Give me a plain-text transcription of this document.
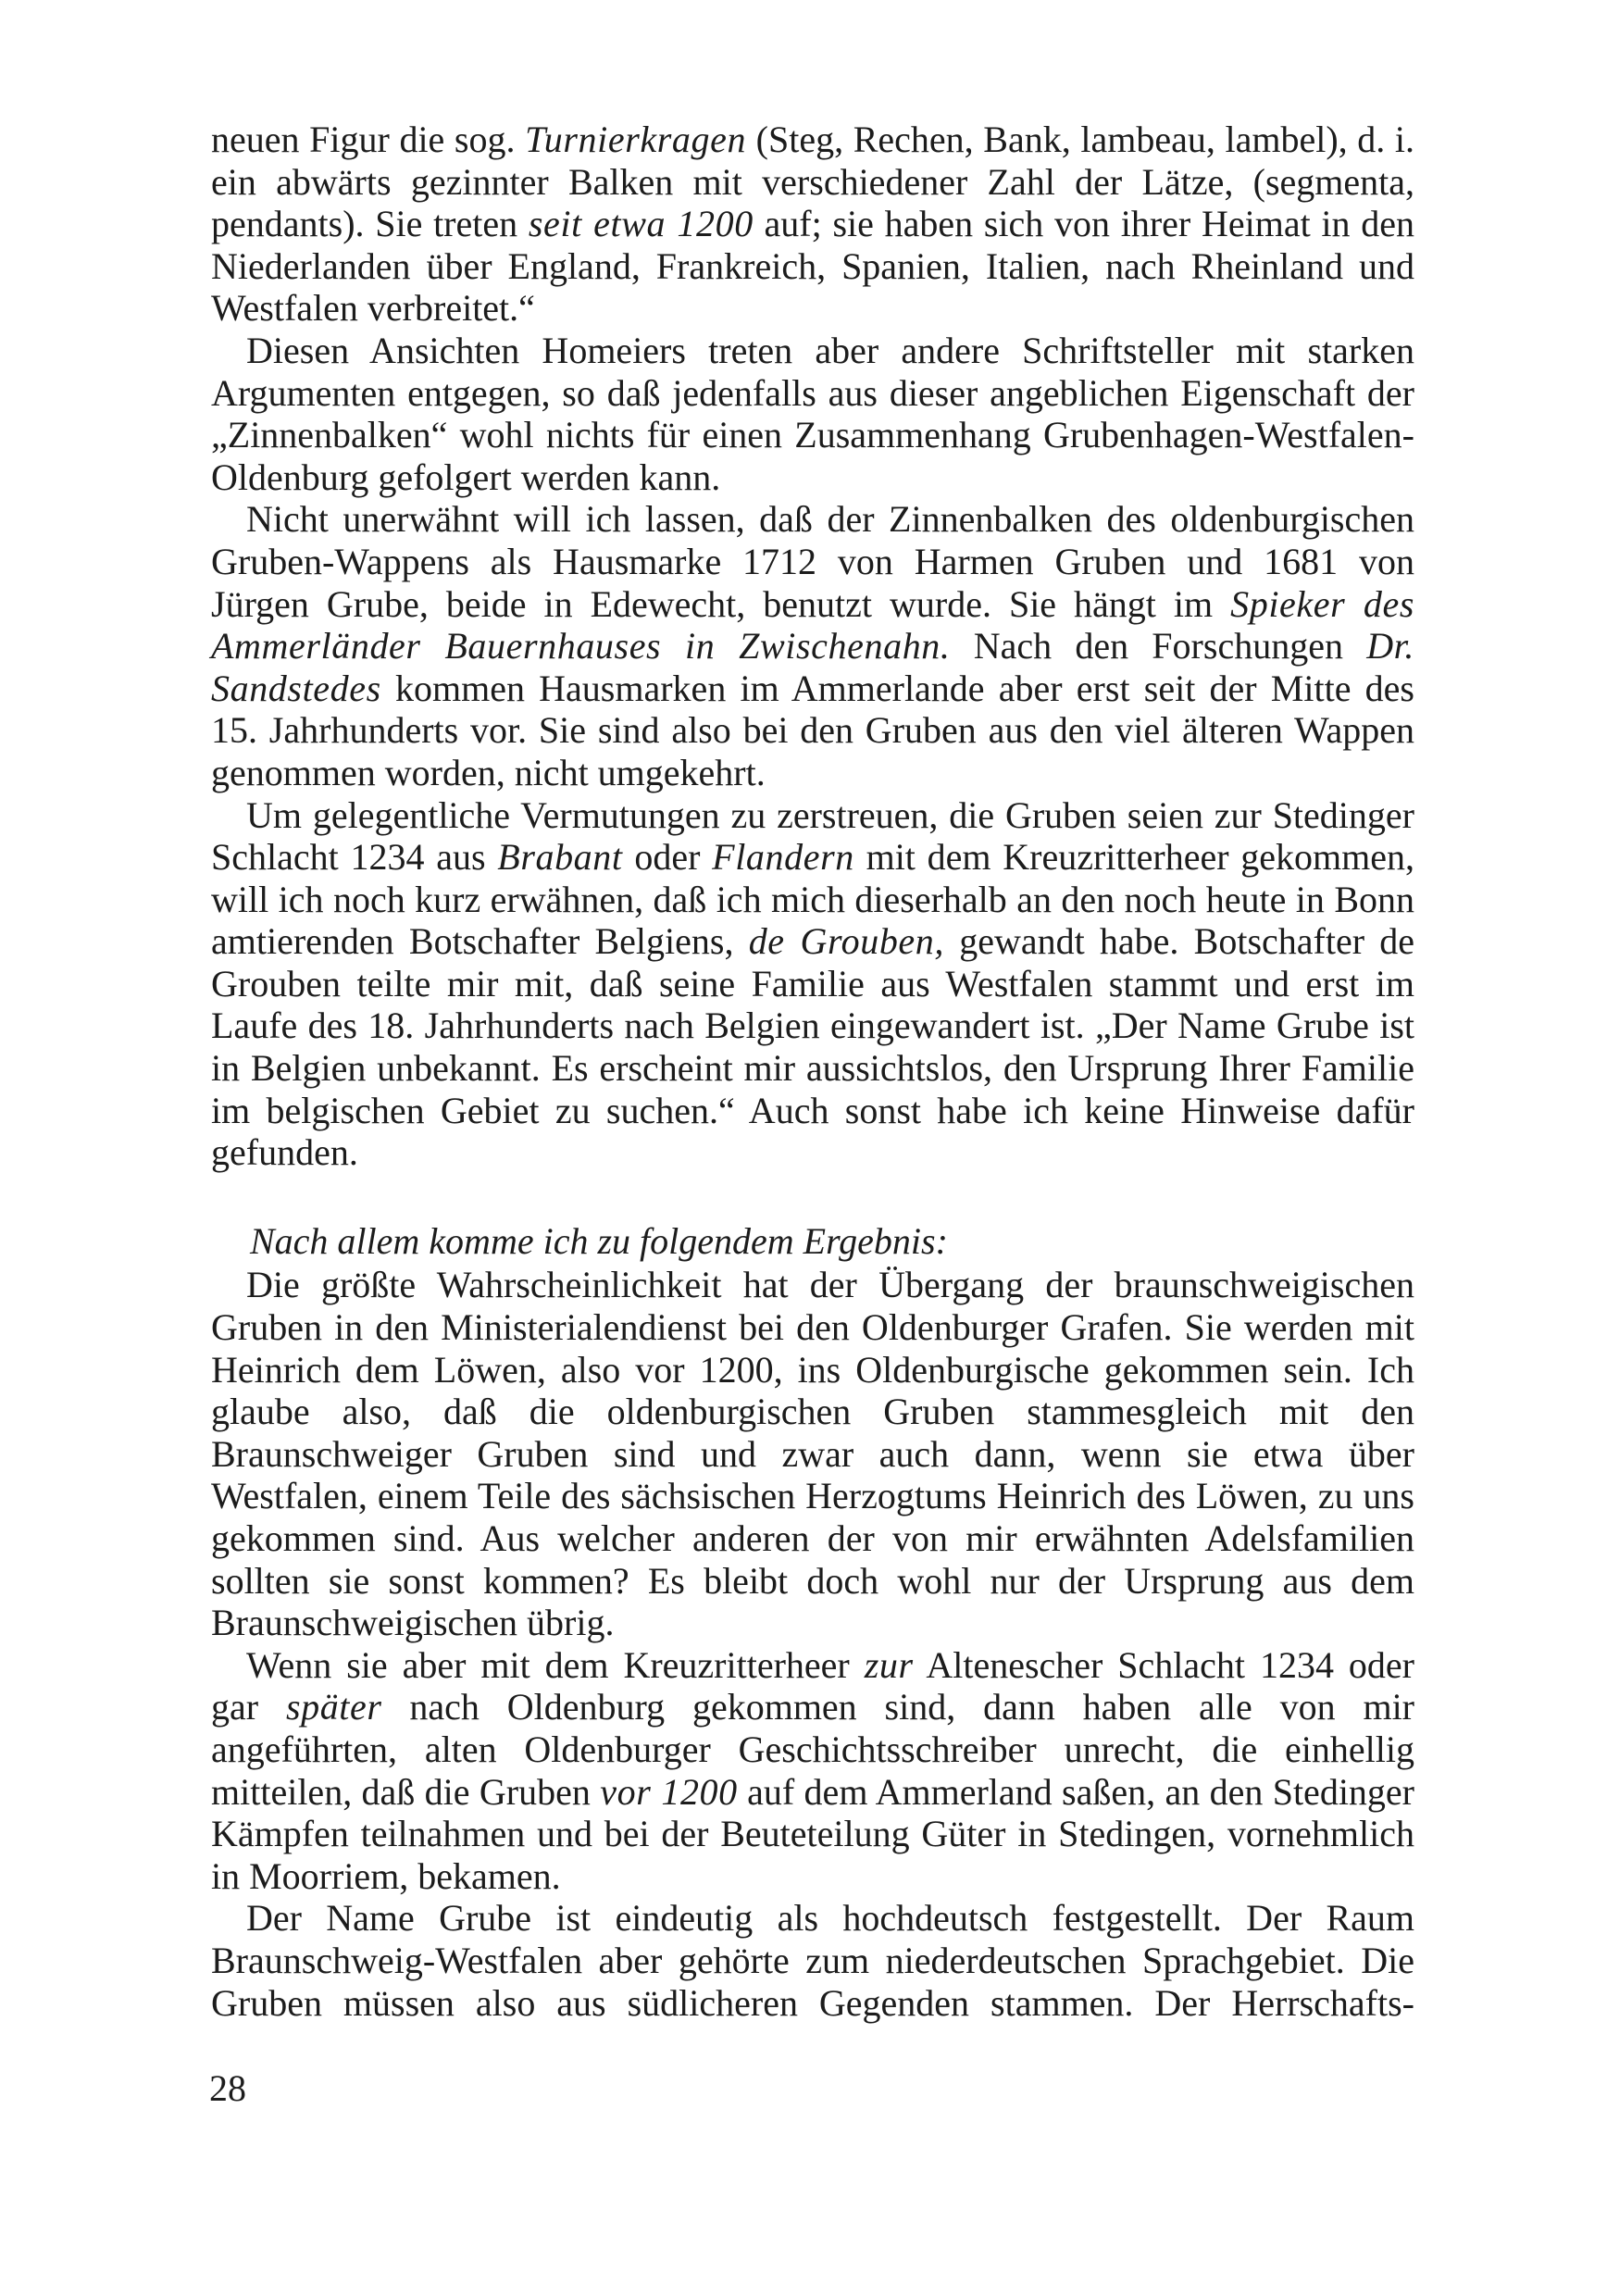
neuen Figur die sog. Turnierkragen (Steg, Rechen, Bank, lambeau, lambel), d. i. ein abwärts gezinnter Balken mit verschiedener Zahl der Lätze, (segmenta, pendants). Sie treten seit etwa 1200 auf; sie haben sich von ihrer Heimat in den Niederlanden über England, Frankreich, Spanien, Italien, nach Rheinland und Westfalen verbreitet.“

Diesen Ansichten Homeiers treten aber andere Schriftsteller mit starken Argumenten entgegen, so daß jedenfalls aus dieser angeblichen Eigenschaft der „Zinnenbalken“ wohl nichts für einen Zusammenhang Grubenhagen-Westfalen-Oldenburg gefolgert werden kann.

Nicht unerwähnt will ich lassen, daß der Zinnenbalken des oldenburgischen Gruben-Wappens als Hausmarke 1712 von Harmen Gruben und 1681 von Jürgen Grube, beide in Edewecht, benutzt wurde. Sie hängt im Spieker des Ammerländer Bauernhauses in Zwischenahn. Nach den Forschungen Dr. Sandstedes kommen Hausmarken im Ammerlande aber erst seit der Mitte des 15. Jahrhunderts vor. Sie sind also bei den Gruben aus den viel älteren Wappen genommen worden, nicht umgekehrt.

Um gelegentliche Vermutungen zu zerstreuen, die Gruben seien zur Stedinger Schlacht 1234 aus Brabant oder Flandern mit dem Kreuzritterheer gekommen, will ich noch kurz erwähnen, daß ich mich dieserhalb an den noch heute in Bonn amtierenden Botschafter Belgiens, de Grouben, gewandt habe. Botschafter de Grouben teilte mir mit, daß seine Familie aus Westfalen stammt und erst im Laufe des 18. Jahrhunderts nach Belgien eingewandert ist. „Der Name Grube ist in Belgien unbekannt. Es erscheint mir aussichtslos, den Ursprung Ihrer Familie im belgischen Gebiet zu suchen.“ Auch sonst habe ich keine Hinweise dafür gefunden.

Nach allem komme ich zu folgendem Ergebnis:

Die größte Wahrscheinlichkeit hat der Übergang der braunschweigischen Gruben in den Ministerialendienst bei den Oldenburger Grafen. Sie werden mit Heinrich dem Löwen, also vor 1200, ins Oldenburgische gekommen sein. Ich glaube also, daß die oldenburgischen Gruben stammesgleich mit den Braunschweiger Gruben sind und zwar auch dann, wenn sie etwa über Westfalen, einem Teile des sächsischen Herzogtums Heinrich des Löwen, zu uns gekommen sind. Aus welcher anderen der von mir erwähnten Adelsfamilien sollten sie sonst kommen? Es bleibt doch wohl nur der Ursprung aus dem Braunschweigischen übrig.

Wenn sie aber mit dem Kreuzritterheer zur Altenescher Schlacht 1234 oder gar später nach Oldenburg gekommen sind, dann haben alle von mir angeführten, alten Oldenburger Geschichtsschreiber unrecht, die einhellig mitteilen, daß die Gruben vor 1200 auf dem Ammerland saßen, an den Stedinger Kämpfen teilnahmen und bei der Beuteteilung Güter in Stedingen, vornehmlich in Moorriem, bekamen.

Der Name Grube ist eindeutig als hochdeutsch festgestellt. Der Raum Braunschweig-Westfalen aber gehörte zum niederdeutschen Sprachgebiet. Die Gruben müssen also aus südlicheren Gegenden stammen. Der Herrschafts-

28
